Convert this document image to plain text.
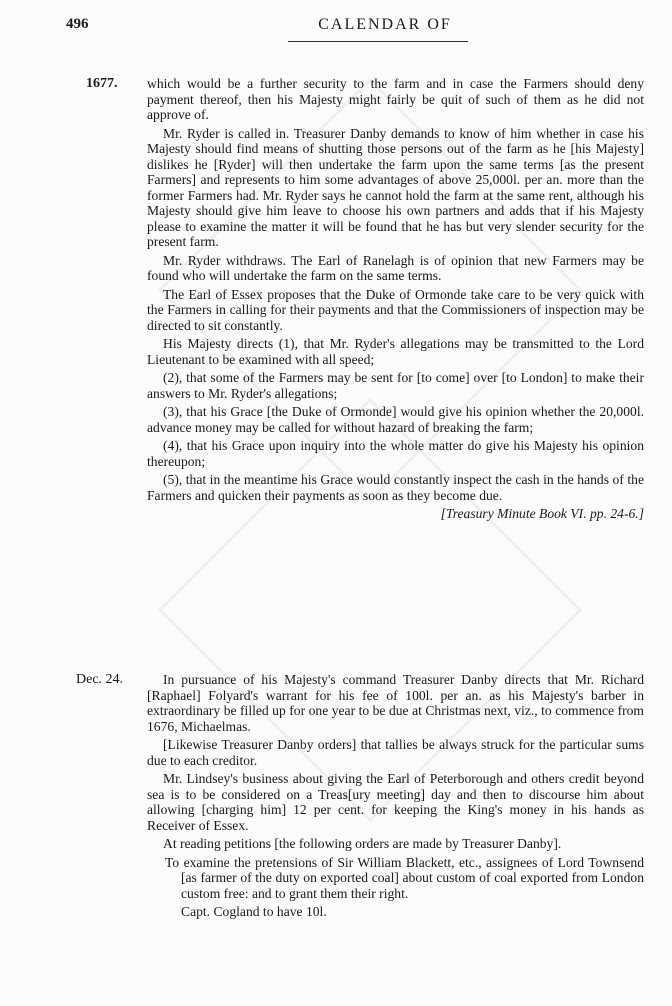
496	CALENDAR OF
1677. which would be a further security to the farm and in case the Farmers should deny payment thereof, then his Majesty might fairly be quit of such of them as he did not approve of.

Mr. Ryder is called in. Treasurer Danby demands to know of him whether in case his Majesty should find means of shutting those persons out of the farm as he [his Majesty] dislikes he [Ryder] will then undertake the farm upon the same terms [as the present Farmers] and represents to him some advantages of above 25,000l. per an. more than the former Farmers had. Mr. Ryder says he cannot hold the farm at the same rent, although his Majesty should give him leave to choose his own partners and adds that if his Majesty please to examine the matter it will be found that he has but very slender security for the present farm.

Mr. Ryder withdraws. The Earl of Ranelagh is of opinion that new Farmers may be found who will undertake the farm on the same terms.

The Earl of Essex proposes that the Duke of Ormonde take care to be very quick with the Farmers in calling for their payments and that the Commissioners of inspection may be directed to sit constantly.

His Majesty directs (1), that Mr. Ryder's allegations may be transmitted to the Lord Lieutenant to be examined with all speed;

(2), that some of the Farmers may be sent for [to come] over [to London] to make their answers to Mr. Ryder's allegations;

(3), that his Grace [the Duke of Ormonde] would give his opinion whether the 20,000l. advance money may be called for without hazard of breaking the farm;

(4), that his Grace upon inquiry into the whole matter do give his Majesty his opinion thereupon;

(5), that in the meantime his Grace would constantly inspect the cash in the hands of the Farmers and quicken their payments as soon as they become due.

[Treasury Minute Book VI. pp. 24-6.]

Dec. 24.	In pursuance of his Majesty's command Treasurer Danby directs that Mr. Richard [Raphael] Folyard's warrant for his fee of 100l. per an. as his Majesty's barber in extraordinary be filled up for one year to be due at Christmas next, viz., to commence from 1676, Michaelmas.

[Likewise Treasurer Danby orders] that tallies be always struck for the particular sums due to each creditor.

Mr. Lindsey's business about giving the Earl of Peterborough and others credit beyond sea is to be considered on a Treas[ury meeting] day and then to discourse him about allowing [charging him] 12 per cent. for keeping the King's money in his hands as Receiver of Essex.

At reading petitions [the following orders are made by Treasurer Danby].

To examine the pretensions of Sir William Blackett, etc., assignees of Lord Townsend [as farmer of the duty on exported coal] about custom of coal exported from London custom free: and to grant them their right.

Capt. Cogland to have 10l.
